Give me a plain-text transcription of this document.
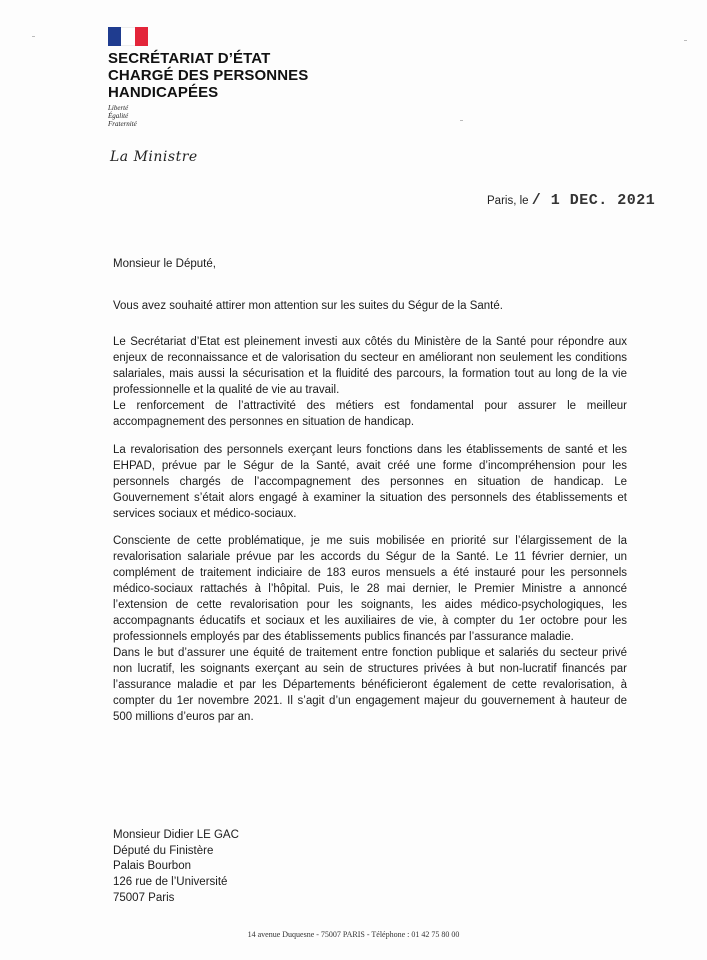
SECRÉTARIAT D’ÉTAT
CHARGÉ DES PERSONNES
HANDICAPÉES
Liberté
Égalité
Fraternité
La Ministre
Paris, le / 1 DEC. 2021
Monsieur le Député,

Vous avez souhaité attirer mon attention sur les suites du Ségur de la Santé.

Le Secrétariat d’Etat est pleinement investi aux côtés du Ministère de la Santé pour répondre aux enjeux de reconnaissance et de valorisation du secteur en améliorant non seulement les conditions salariales, mais aussi la sécurisation et la fluidité des parcours, la formation tout au long de la vie professionnelle et la qualité de vie au travail.

Le renforcement de l’attractivité des métiers est fondamental pour assurer le meilleur accompagnement des personnes en situation de handicap.

La revalorisation des personnels exerçant leurs fonctions dans les établissements de santé et les EHPAD, prévue par le Ségur de la Santé, avait créé une forme d’incompréhension pour les personnels chargés de l’accompagnement des personnes en situation de handicap. Le Gouvernement s’était alors engagé à examiner la situation des personnels des établissements et services sociaux et médico-sociaux.

Consciente de cette problématique, je me suis mobilisée en priorité sur l’élargissement de la revalorisation salariale prévue par les accords du Ségur de la Santé. Le 11 février dernier, un complément de traitement indiciaire de 183 euros mensuels a été instauré pour les personnels médico-sociaux rattachés à l’hôpital. Puis, le 28 mai dernier, le Premier Ministre a annoncé l’extension de cette revalorisation pour les soignants, les aides médico-psychologiques, les accompagnants éducatifs et sociaux et les auxiliaires de vie, à compter du 1er octobre pour les professionnels employés par des établissements publics financés par l’assurance maladie.

Dans le but d’assurer une équité de traitement entre fonction publique et salariés du secteur privé non lucratif, les soignants exerçant au sein de structures privées à but non-lucratif financés par l’assurance maladie et par les Départements bénéficieront également de cette revalorisation, à compter du 1er novembre 2021. Il s’agit d’un engagement majeur du gouvernement à hauteur de 500 millions d’euros par an.

Monsieur Didier LE GAC
Député du Finistère
Palais Bourbon
126 rue de l’Université
75007 Paris
14 avenue Duquesne - 75007 PARIS - Téléphone : 01 42 75 80 00
